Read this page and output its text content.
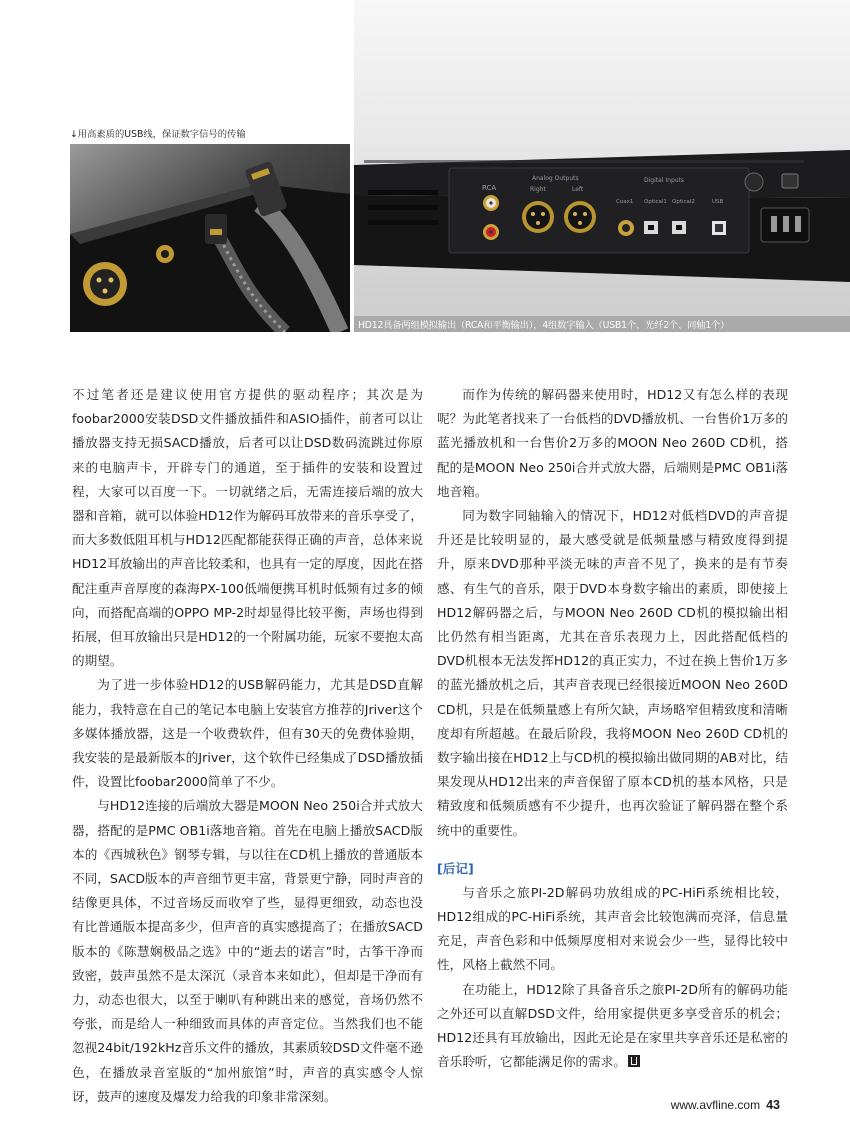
RCA
Analog Outputs
Right	Left
Digital Inputs
Coax1 Optical1 Optical2	USB
HD12具备两组模拟输出（RCA和平衡输出），4组数字输入（USB1个、光纤2个、同轴1个）
↓用高素质的USB线，保证数字信号的传输

不过笔者还是建议使用官方提供的驱动程序；其次是为foobar2000安装DSD文件播放插件和ASIO插件，前者可以让播放器支持无损SACD播放，后者可以让DSD数码流跳过你原来的电脑声卡，开辟专门的通道，至于插件的安装和设置过程，大家可以百度一下。一切就绪之后，无需连接后端的放大器和音箱，就可以体验HD12作为解码耳放带来的音乐享受了，而大多数低阻耳机与HD12匹配都能获得正确的声音，总体来说HD12耳放输出的声音比较柔和，也具有一定的厚度，因此在搭配注重声音厚度的森海PX-100低端便携耳机时低频有过多的倾向，而搭配高端的OPPO MP-2时却显得比较平衡，声场也得到拓展，但耳放输出只是HD12的一个附属功能，玩家不要抱太高的期望。

为了进一步体验HD12的USB解码能力，尤其是DSD直解能力，我特意在自己的笔记本电脑上安装官方推荐的Jriver这个多媒体播放器，这是一个收费软件，但有30天的免费体验期，我安装的是最新版本的Jriver，这个软件已经集成了DSD播放插件，设置比foobar2000简单了不少。

与HD12连接的后端放大器是MOON Neo 250i合并式放大器，搭配的是PMC OB1i落地音箱。首先在电脑上播放SACD版本的《西城秋色》钢琴专辑，与以往在CD机上播放的普通版本不同，SACD版本的声音细节更丰富，背景更宁静，同时声音的结像更具体，不过音场反而收窄了些，显得更细致，动态也没有比普通版本提高多少，但声音的真实感提高了；在播放SACD版本的《陈慧娴极品之选》中的“逝去的诺言”时，古筝干净而致密，鼓声虽然不是太深沉（录音本来如此），但却是干净而有力，动态也很大，以至于喇叭有种跳出来的感觉，音场仍然不夸张，而是给人一种细致而具体的声音定位。当然我们也不能忽视24bit/192kHz音乐文件的播放，其素质较DSD文件毫不逊色，在播放录音室版的“加州旅馆”时，声音的真实感令人惊讶，鼓声的速度及爆发力给我的印象非常深刻。

而作为传统的解码器来使用时，HD12又有怎么样的表现呢？为此笔者找来了一台低档的DVD播放机、一台售价1万多的蓝光播放机和一台售价2万多的MOON Neo 260D CD机，搭配的是MOON Neo 250i合并式放大器，后端则是PMC OB1i落地音箱。

同为数字同轴输入的情况下，HD12对低档DVD的声音提升还是比较明显的，最大感受就是低频量感与精致度得到提升，原来DVD那种平淡无味的声音不见了，换来的是有节奏感、有生气的音乐，限于DVD本身数字输出的素质，即使接上HD12解码器之后，与MOON Neo 260D CD机的模拟输出相比仍然有相当距离，尤其在音乐表现力上，因此搭配低档的DVD机根本无法发挥HD12的真正实力，不过在换上售价1万多的蓝光播放机之后，其声音表现已经很接近MOON Neo 260D CD机，只是在低频量感上有所欠缺，声场略窄但精致度和清晰度却有所超越。在最后阶段，我将MOON Neo 260D CD机的数字输出接在HD12上与CD机的模拟输出做同期的AB对比，结果发现从HD12出来的声音保留了原本CD机的基本风格，只是精致度和低频质感有不少提升，也再次验证了解码器在整个系统中的重要性。

[后记]

与音乐之旅PI-2D解码功放组成的PC-HiFi系统相比较，HD12组成的PC-HiFi系统，其声音会比较饱满而亮泽，信息量充足，声音色彩和中低频厚度相对来说会少一些，显得比较中性，风格上截然不同。

在功能上，HD12除了具备音乐之旅PI-2D所有的解码功能之外还可以直解DSD文件，给用家提供更多享受音乐的机会；HD12还具有耳放输出，因此无论是在家里共享音乐还是私密的音乐聆听，它都能满足你的需求。

www.avfline.com 43
